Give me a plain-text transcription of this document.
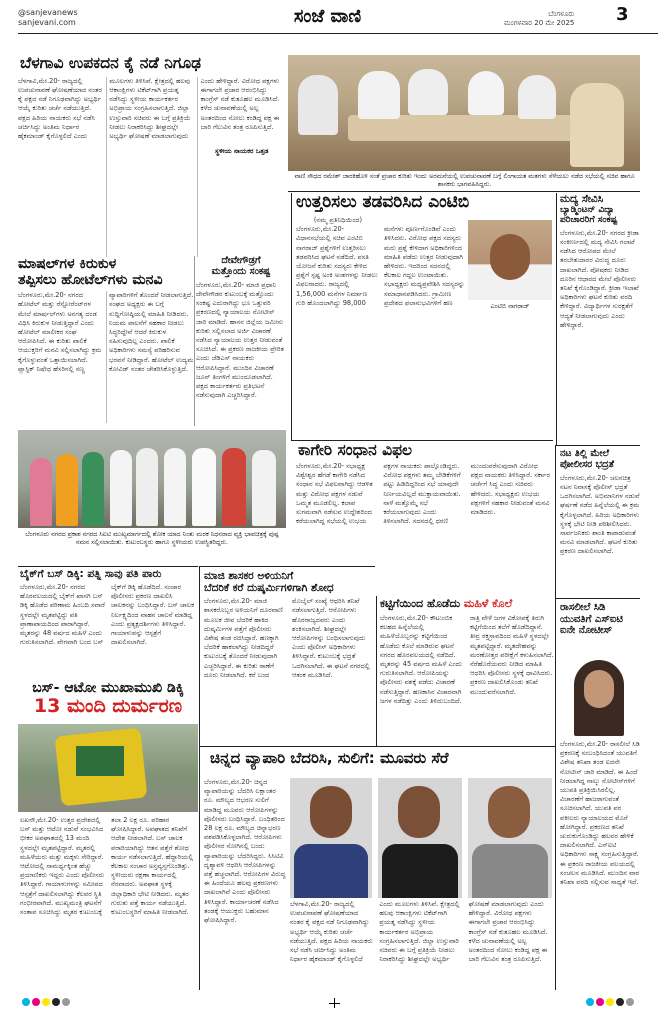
@sanjevanews
sanjevani.com	ಸಂಜೆ ವಾಣಿ	ಬೆಂಗಳೂರು
ಮಂಗಳವಾರ 20 ಮೇ 2025 3
ಬೆಳಗಾವಿ ಉಪಕದನ ಕೈ ನಡೆ ನಿಗೂಢ
ಬೆಳಗಾವಿ,ಮೇ.20- ರಾಜ್ಯದಲ್ಲಿ ಉಪಚುನಾವಣೆ ಘೋಷಣೆಯಾದ ನಂತರ ಕೈ ಪಕ್ಷದ ನಡೆ ನಿಗೂಢವಾಗಿದ್ದು ಅಭ್ಯರ್ಥಿ ಆಯ್ಕೆ ಕುರಿತು ಚರ್ಚೆ ನಡೆಯುತ್ತಿದೆ. ಪಕ್ಷದ ಹಿರಿಯ ನಾಯಕರು ಸಭೆ ನಡೆಸಿ ಚರ್ಚಿಸಿದ್ದು ಅಂತಿಮ ನಿರ್ಧಾರ ಹೈಕಮಾಂಡ್ ಕೈಗೊಳ್ಳಲಿದೆ ಎಂದು ಮೂಲಗಳು ತಿಳಿಸಿವೆ. ಕ್ಷೇತ್ರದಲ್ಲಿ ಹಲವು ಆಕಾಂಕ್ಷಿಗಳು ಟಿಕೆಟ್‌ಗಾಗಿ ಪ್ರಯತ್ನ ನಡೆಸಿದ್ದು ಸ್ಥಳೀಯ ಕಾರ್ಯಕರ್ತರ ಅಭಿಪ್ರಾಯ ಸಂಗ್ರಹಿಸಲಾಗುತ್ತಿದೆ. ಜಿಲ್ಲಾ ಉಸ್ತುವಾರಿ ಸಚಿವರು ಈ ಬಗ್ಗೆ ಪ್ರತಿಕ್ರಿಯೆ ನೀಡಲು ನಿರಾಕರಿಸಿದ್ದು ಶೀಘ್ರದಲ್ಲೇ ಅಭ್ಯರ್ಥಿ ಘೋಷಣೆ ಮಾಡಲಾಗುವುದು ಎಂದು ಹೇಳಿದ್ದಾರೆ. ವಿರೋಧ ಪಕ್ಷಗಳು ಈಗಾಗಲೇ ಪ್ರಚಾರ ಆರಂಭಿಸಿದ್ದು ಕಾಂಗ್ರೆಸ್ ನಡೆ ಕುತೂಹಲ ಮೂಡಿಸಿದೆ. ಕಳೆದ ಚುನಾವಣೆಯಲ್ಲಿ ಅಲ್ಪ ಅಂತರದಿಂದ ಸೋಲು ಕಂಡಿದ್ದ ಪಕ್ಷ ಈ ಬಾರಿ ಗೆಲುವಿನ ತಂತ್ರ ರೂಪಿಸುತ್ತಿದೆ.
ಸ್ಥಳೀಯ ನಾಯಕರ ಒತ್ತಡ
ವಾಣಿ ಸೌಧದ ರಮೇಶ್ ಜಾರಕಿಹೊಳಿ ಸಂತೆ ಪ್ರಚಾರ ಕುರಿತು ಇಂದು ಅರಮನೆಯಲ್ಲಿ ಉಪಚುನಾವಣೆ ಬಗ್ಗೆ ಲಿಂಗಾಯತ ಮತಗಳು ಸೆಳೆಯಲು ನಡೆದ ಸಭೆಯಲ್ಲಿ ಸಚಿವ ಹಾಗೂ ಶಾಸಕರು ಭಾಗವಹಿಸಿದ್ದರು.
ಉತ್ತರಿಸಲು ತಡವರಿಸಿದ ಎಂಟಿಬಿ
(ನಮ್ಮ ಪ್ರತಿನಿಧಿಯಿಂದ)
ಬೆಂಗಳೂರು,ಮೇ.20- ವಿಧಾನಸಭೆಯಲ್ಲಿ ಸಚಿವ ಎಂಟಿಬಿ ನಾಗರಾಜ್ ಪ್ರಶ್ನೆಗಳಿಗೆ ಉತ್ತರಿಸಲು ತಡವರಿಸಿದ ಘಟನೆ ನಡೆದಿದೆ. ವಸತಿ ಯೋಜನೆ ಕುರಿತು ಸದಸ್ಯರು ಕೇಳಿದ ಪ್ರಶ್ನೆಗೆ ಸ್ಪಷ್ಟ ಅಂಕಿ ಅಂಶಗಳನ್ನು ನೀಡಲು ವಿಫಲರಾದರು. ರಾಜ್ಯದಲ್ಲಿ 1,56,000 ಮನೆಗಳ ನಿರ್ಮಾಣ ಗುರಿ ಹೊಂದಲಾಗಿದ್ದು 98,000 ಮನೆಗಳು ಪೂರ್ಣಗೊಂಡಿವೆ ಎಂದು ತಿಳಿಸಿದರು. ವಿರೋಧ ಪಕ್ಷದ ಸದಸ್ಯರು ಮರು ಪ್ರಶ್ನೆ ಕೇಳಿದಾಗ ಅಧಿಕಾರಿಗಳಿಂದ ಮಾಹಿತಿ ಪಡೆದು ಉತ್ತರ ನೀಡುವುದಾಗಿ ಹೇಳಿದರು. ಇದರಿಂದ ಸದನದಲ್ಲಿ ಕೆಲಕಾಲ ಗದ್ದಲ ಉಂಟಾಯಿತು. ಸಭಾಧ್ಯಕ್ಷರು ಮಧ್ಯಪ್ರವೇಶಿಸಿ ಸದಸ್ಯರನ್ನು ಸಮಾಧಾನಪಡಿಸಿದರು. ಗ್ರಾಮೀಣ ಪ್ರದೇಶದ ಫಲಾನುಭವಿಗಳಿಗೆ ಹಣ	ಎಂಟಿಬಿ ನಾಗರಾಜ್
ಮದ್ಯ ಸೇವಿಸಿ
ಬ್ಯಾಡ್ಮಿಂಟನ್ ವಿದ್ಯಾ
ಪರಿಚಾರರಿಗೆ ಸಂಕಷ್ಟ
ಬೆಂಗಳೂರು,ಮೇ.20- ನಗರದ ಕ್ರೀಡಾ ಸಂಕೀರ್ಣದಲ್ಲಿ ಮದ್ಯ ಸೇವಿಸಿ ಗಲಾಟೆ ನಡೆಸಿದ ಆರೋಪದ ಮೇಲೆ ತರಬೇತುದಾರರ ವಿರುದ್ಧ ದೂರು ದಾಖಲಾಗಿದೆ. ಪೋಷಕರು ನೀಡಿದ ದೂರಿನ ಆಧಾರದ ಮೇಲೆ ಪೊಲೀಸರು ತನಿಖೆ ಕೈಗೊಂಡಿದ್ದಾರೆ. ಕ್ರೀಡಾ ಇಲಾಖೆ ಅಧಿಕಾರಿಗಳು ಘಟನೆ ಕುರಿತು ವರದಿ ಕೇಳಿದ್ದಾರೆ. ವಿದ್ಯಾರ್ಥಿಗಳ ಸುರಕ್ಷತೆಗೆ ಆದ್ಯತೆ ನೀಡಲಾಗುವುದು ಎಂದು ಹೇಳಿದ್ದಾರೆ.
ಮಾಷಲ್‌ಗಳ ಕಿರುಕುಳ
ತಪ್ಪಿಸಲು ಹೋಟೆಲ್‌ಗಳು ಮನವಿ
ಬೆಂಗಳೂರು,ಮೇ.20- ನಗರದ ಹೋಟೆಲ್ ಮತ್ತು ರೆಸ್ಟೋರೆಂಟ್‌ಗಳ ಮೇಲೆ ಮಾರ್ಷಲ್‌ಗಳು ಅನಗತ್ಯ ದಂಡ ವಿಧಿಸಿ ಕಿರುಕುಳ ನೀಡುತ್ತಿದ್ದಾರೆ ಎಂದು ಹೋಟೆಲ್ ಮಾಲೀಕರ ಸಂಘ ಆರೋಪಿಸಿದೆ. ಈ ಕುರಿತು ಪಾಲಿಕೆ ಆಯುಕ್ತರಿಗೆ ಮನವಿ ಸಲ್ಲಿಸಲಾಗಿದ್ದು ಕ್ರಮ ಕೈಗೊಳ್ಳುವಂತೆ ಒತ್ತಾಯಿಸಲಾಗಿದೆ. ಪ್ಲಾಸ್ಟಿಕ್ ನಿಷೇಧ ಹೆಸರಿನಲ್ಲಿ ಸಣ್ಣ ವ್ಯಾಪಾರಿಗಳಿಗೆ ತೊಂದರೆ ನೀಡಲಾಗುತ್ತಿದೆ. ಸಂಘದ ಅಧ್ಯಕ್ಷರು ಈ ಬಗ್ಗೆ ಸುದ್ದಿಗೋಷ್ಠಿಯಲ್ಲಿ ಮಾಹಿತಿ ನೀಡಿದರು. ನಿಯಮ ಪಾಲನೆಗೆ ಸಹಕಾರ ನೀಡಲು ಸಿದ್ಧರಿದ್ದೇವೆ ಆದರೆ ಕಿರುಕುಳ ಸಹಿಸುವುದಿಲ್ಲ ಎಂದರು. ಪಾಲಿಕೆ ಅಧಿಕಾರಿಗಳು ಸಮಸ್ಯೆ ಪರಿಹರಿಸುವ ಭರವಸೆ ನೀಡಿದ್ದಾರೆ. ಹೋಟೆಲ್ ಉದ್ಯಮ ಕೋವಿಡ್ ನಂತರ ಚೇತರಿಸಿಕೊಳ್ಳುತ್ತಿದೆ.
ದೇವೇಗೌಡ್ರಗೆ
ಮತ್ತೊಂದು ಸಂಕಷ್ಟ
ಬೆಂಗಳೂರು,ಮೇ.20- ಮಾಜಿ ಪ್ರಧಾನಿ ದೇವೇಗೌಡರ ಕುಟುಂಬಕ್ಕೆ ಮತ್ತೊಂದು ಸಂಕಷ್ಟ ಎದುರಾಗಿದ್ದು ಭೂ ಒತ್ತುವರಿ ಪ್ರಕರಣದಲ್ಲಿ ನ್ಯಾಯಾಲಯ ನೋಟೀಸ್ ಜಾರಿ ಮಾಡಿದೆ. ಹಾಸನ ಜಿಲ್ಲೆಯ ಜಮೀನು ಕುರಿತು ಸಲ್ಲಿಸಲಾದ ಅರ್ಜಿ ವಿಚಾರಣೆ ನಡೆಸಿದ ನ್ಯಾಯಾಲಯ ಉತ್ತರ ನೀಡುವಂತೆ ಸೂಚಿಸಿದೆ. ಈ ಪ್ರಕರಣ ರಾಜಕೀಯ ಪ್ರೇರಿತ ಎಂದು ಜೆಡಿಎಸ್ ನಾಯಕರು ಆರೋಪಿಸಿದ್ದಾರೆ. ಮುಂದಿನ ವಿಚಾರಣೆ ಜೂನ್ ತಿಂಗಳಿಗೆ ಮುಂದೂಡಲಾಗಿದೆ. ಪಕ್ಷದ ಕಾರ್ಯಕರ್ತರು ಪ್ರತಿಭಟನೆ ನಡೆಸುವುದಾಗಿ ಎಚ್ಚರಿಸಿದ್ದಾರೆ.
ಬೆಂಗಳೂರು ನಗರದ ಪ್ರಕಾಶ ನಗರದ ಸಿಐಟಿ ಮುಖ್ಯಮಾರ್ಗದಲ್ಲಿ ಶೋಕ ಯಾದ ನಿಂತು ಮರಕ ನಿಧನರಾದ ವ್ಯಕ್ತಿ ಭಾವಚಿತ್ರಕ್ಕೆ ಪುಷ್ಪ ನಮನ ಸಲ್ಲಿಸಲಾಯಿತು. ಕುಟುಂಬಸ್ಥರು ಹಾಗೂ ಸ್ಥಳೀಯರು ಉಪಸ್ಥಿತರಿದ್ದರು.
ಕಾಗೇರಿ ಸಂಧಾನ ವಿಫಲ
ಬೆಂಗಳೂರು,ಮೇ.20- ಸಭಾಧ್ಯಕ್ಷ ವಿಶ್ವೇಶ್ವರ ಹೆಗಡೆ ಕಾಗೇರಿ ನಡೆಸಿದ ಸಂಧಾನ ಸಭೆ ವಿಫಲವಾಗಿದ್ದು ಆಡಳಿತ ಮತ್ತು ವಿರೋಧ ಪಕ್ಷಗಳ ನಡುವೆ ಒಮ್ಮತ ಮೂಡಲಿಲ್ಲ. ಕಲಾಪ ಸುಗಮವಾಗಿ ನಡೆಸುವ ಉದ್ದೇಶದಿಂದ ಕರೆಯಲಾಗಿದ್ದ ಸಭೆಯಲ್ಲಿ ಉಭಯ ಪಕ್ಷಗಳ ನಾಯಕರು ಪಾಲ್ಗೊಂಡಿದ್ದರು. ವಿರೋಧ ಪಕ್ಷಗಳು ತಮ್ಮ ಬೇಡಿಕೆಗಳಿಗೆ ಪಟ್ಟು ಹಿಡಿದಿದ್ದರಿಂದ ಸಭೆ ಯಾವುದೇ ನಿರ್ಣಯವಿಲ್ಲದೆ ಮುಕ್ತಾಯವಾಯಿತು. ನಾಳೆ ಮತ್ತೊಮ್ಮೆ ಸಭೆ ಕರೆಯಲಾಗುವುದು ಎಂದು ತಿಳಿಸಲಾಗಿದೆ. ಸದನದಲ್ಲಿ ಧರಣಿ ಮುಂದುವರೆಸುವುದಾಗಿ ವಿರೋಧ ಪಕ್ಷದ ನಾಯಕರು ತಿಳಿಸಿದ್ದಾರೆ. ಸರ್ಕಾರ ಚರ್ಚೆಗೆ ಸಿದ್ಧ ಎಂದು ಸಚಿವರು ಹೇಳಿದರು. ಸಭಾಧ್ಯಕ್ಷರು ಉಭಯ ಪಕ್ಷಗಳಿಗೆ ಸಹಕಾರ ನೀಡುವಂತೆ ಮನವಿ ಮಾಡಿದರು.
ನಟ ತಿಲ್ಲಿ ಮೇಲೆ
ಪೋಲೀಸರ ಭದ್ರತೆ
ಬೆಂಗಳೂರು,ಮೇ.20- ಚಲನಚಿತ್ರ ನಟನ ನಿವಾಸಕ್ಕೆ ಪೊಲೀಸ್ ಭದ್ರತೆ ಒದಗಿಸಲಾಗಿದೆ. ಅಭಿಮಾನಿಗಳ ನಡುವೆ ಘರ್ಷಣೆ ನಡೆದ ಹಿನ್ನೆಲೆಯಲ್ಲಿ ಈ ಕ್ರಮ ಕೈಗೊಳ್ಳಲಾಗಿದೆ. ಹಿರಿಯ ಅಧಿಕಾರಿಗಳು ಸ್ಥಳಕ್ಕೆ ಭೇಟಿ ನೀಡಿ ಪರಿಶೀಲಿಸಿದರು. ಸಾರ್ವಜನಿಕರು ಶಾಂತಿ ಕಾಪಾಡುವಂತೆ ಮನವಿ ಮಾಡಲಾಗಿದೆ. ಘಟನೆ ಕುರಿತು ಪ್ರಕರಣ ದಾಖಲಿಸಲಾಗಿದೆ.
ಬೈಕ್‌ಗೆ ಬಸ್ ಡಿಕ್ಕಿ: ಪತ್ನಿ ಸಾವು ಪತಿ ಪಾರು
ಬೆಂಗಳೂರು,ಮೇ.20- ನಗರದ ಹೊರವಲಯದಲ್ಲಿ ಬೈಕ್‌ಗೆ ಖಾಸಗಿ ಬಸ್ ಡಿಕ್ಕಿ ಹೊಡೆದ ಪರಿಣಾಮ ಹಿಂಬದಿ ಸವಾರೆ ಸ್ಥಳದಲ್ಲೇ ಮೃತಪಟ್ಟಿದ್ದು ಪತಿ ಪ್ರಾಣಾಪಾಯದಿಂದ ಪಾರಾಗಿದ್ದಾರೆ. ಮೃತರನ್ನು 48 ವರ್ಷದ ಮಹಿಳೆ ಎಂದು ಗುರುತಿಸಲಾಗಿದೆ. ವೇಗವಾಗಿ ಬಂದ ಬಸ್ ಬೈಕ್‌ಗೆ ಡಿಕ್ಕಿ ಹೊಡೆದಿದೆ. ಸಂಚಾರ ಪೊಲೀಸರು ಪ್ರಕರಣ ದಾಖಲಿಸಿ ಚಾಲಕನನ್ನು ಬಂಧಿಸಿದ್ದಾರೆ. ಬಸ್ ಚಾಲಕ ನಿರ್ಲಕ್ಷ್ಯದಿಂದ ವಾಹನ ಚಾಲನೆ ಮಾಡಿದ್ದ ಎಂದು ಪ್ರತ್ಯಕ್ಷದರ್ಶಿಗಳು ತಿಳಿಸಿದ್ದಾರೆ. ಗಾಯಾಳುವನ್ನು ಆಸ್ಪತ್ರೆಗೆ ದಾಖಲಿಸಲಾಗಿದೆ.
ಬಸ್- ಆಟೋ ಮುಖಾಮುಖಿ ಡಿಕ್ಕಿ
13 ಮಂದಿ ದುರ್ಮರಣ
ಲಖನೌ,ಮೇ.20- ಉತ್ತರ ಪ್ರದೇಶದಲ್ಲಿ ಬಸ್ ಮತ್ತು ಆಟೋ ನಡುವೆ ಸಂಭವಿಸಿದ ಭೀಕರ ಅಪಘಾತದಲ್ಲಿ 13 ಮಂದಿ ಸ್ಥಳದಲ್ಲೇ ಮೃತಪಟ್ಟಿದ್ದಾರೆ. ಮೃತರಲ್ಲಿ ಮಹಿಳೆಯರು ಮತ್ತು ಮಕ್ಕಳು ಸೇರಿದ್ದಾರೆ. ಆಟೋದಲ್ಲಿ ಸಾಮರ್ಥ್ಯಕ್ಕಿಂತ ಹೆಚ್ಚು ಪ್ರಯಾಣಿಕರು ಇದ್ದರು ಎಂದು ಪೊಲೀಸರು ತಿಳಿಸಿದ್ದಾರೆ. ಗಾಯಾಳುಗಳನ್ನು ಸಮೀಪದ ಆಸ್ಪತ್ರೆಗೆ ದಾಖಲಿಸಲಾಗಿದ್ದು ಕೆಲವರ ಸ್ಥಿತಿ ಗಂಭೀರವಾಗಿದೆ. ಮುಖ್ಯಮಂತ್ರಿ ಘಟನೆಗೆ ಸಂತಾಪ ಸೂಚಿಸಿದ್ದು ಮೃತರ ಕುಟುಂಬಕ್ಕೆ ತಲಾ 2 ಲಕ್ಷ ರೂ. ಪರಿಹಾರ ಘೋಷಿಸಿದ್ದಾರೆ. ಅಪಘಾತದ ತನಿಖೆಗೆ ಆದೇಶ ನೀಡಲಾಗಿದೆ. ಬಸ್ ಚಾಲಕ ಪರಾರಿಯಾಗಿದ್ದು ಆತನ ಪತ್ತೆಗೆ ಶೋಧ ಕಾರ್ಯ ನಡೆಸಲಾಗುತ್ತಿದೆ. ಹೆದ್ದಾರಿಯಲ್ಲಿ ಕೆಲಕಾಲ ಸಂಚಾರ ಅಸ್ತವ್ಯಸ್ತಗೊಂಡಿತ್ತು. ಸ್ಥಳೀಯರು ರಕ್ಷಣಾ ಕಾರ್ಯದಲ್ಲಿ ನೆರವಾದರು. ಅಪಘಾತ ಸ್ಥಳಕ್ಕೆ ಜಿಲ್ಲಾಧಿಕಾರಿ ಭೇಟಿ ನೀಡಿದರು. ಮೃತರ ಗುರುತು ಪತ್ತೆ ಕಾರ್ಯ ನಡೆಯುತ್ತಿದೆ. ಕುಟುಂಬಸ್ಥರಿಗೆ ಮಾಹಿತಿ ನೀಡಲಾಗಿದೆ.
ಮಾಜಿ ಶಾಸಕರ ಅಳಿಯನಿಗೆ
ಬೆದರಿಕೆ ಕರೆ ದುಷ್ಕರ್ಮಿಗಳಿಗಾಗಿ ಶೋಧ
ಬೆಂಗಳೂರು,ಮೇ.20- ಮಾಜಿ ಶಾಸಕರೊಬ್ಬರ ಅಳಿಯನಿಗೆ ದೂರವಾಣಿ ಮೂಲಕ ಜೀವ ಬೆದರಿಕೆ ಹಾಕಿದ ದುಷ್ಕರ್ಮಿಗಳ ಪತ್ತೆಗೆ ಪೊಲೀಸರು ವಿಶೇಷ ತಂಡ ರಚಿಸಿದ್ದಾರೆ. ಹಣಕ್ಕಾಗಿ ಬೆದರಿಕೆ ಹಾಕಲಾಗಿದ್ದು ನೀಡದಿದ್ದರೆ ಕುಟುಂಬಕ್ಕೆ ತೊಂದರೆ ನೀಡುವುದಾಗಿ ಎಚ್ಚರಿಸಿದ್ದಾರೆ. ಈ ಕುರಿತು ಠಾಣೆಗೆ ದೂರು ನೀಡಲಾಗಿದೆ. ಕರೆ ಬಂದ ಮೊಬೈಲ್ ಸಂಖ್ಯೆ ಆಧರಿಸಿ ತನಿಖೆ ನಡೆಸಲಾಗುತ್ತಿದೆ. ಆರೋಪಿಗಳು ಹೊರರಾಜ್ಯದವರು ಎಂದು ಶಂಕಿಸಲಾಗಿದೆ. ಶೀಘ್ರದಲ್ಲೇ ಆರೋಪಿಗಳನ್ನು ಬಂಧಿಸಲಾಗುವುದು ಎಂದು ಪೊಲೀಸ್ ಅಧಿಕಾರಿಗಳು ತಿಳಿಸಿದ್ದಾರೆ. ಕುಟುಂಬಕ್ಕೆ ಭದ್ರತೆ ಒದಗಿಸಲಾಗಿದೆ. ಈ ಘಟನೆ ನಗರದಲ್ಲಿ ಆತಂಕ ಮೂಡಿಸಿದೆ.
ಕಟ್ಟಿಗೆಯಿಂದ ಹೊಡೆದು ಮಹಿಳೆ ಕೊಲೆ
ಬೆಂಗಳೂರು,ಮೇ.20- ಕೌಟುಂಬಿಕ ಕಲಹದ ಹಿನ್ನೆಲೆಯಲ್ಲಿ ಮಹಿಳೆಯೊಬ್ಬರನ್ನು ಕಟ್ಟಿಗೆಯಿಂದ ಹೊಡೆದು ಕೊಲೆ ಮಾಡಿರುವ ಘಟನೆ ನಗರದ ಹೊರವಲಯದಲ್ಲಿ ನಡೆದಿದೆ. ಮೃತರನ್ನು 45 ವರ್ಷದ ಮಹಿಳೆ ಎಂದು ಗುರುತಿಸಲಾಗಿದೆ. ಆರೋಪಿಯನ್ನು ಪೊಲೀಸರು ವಶಕ್ಕೆ ಪಡೆದು ವಿಚಾರಣೆ ನಡೆಸುತ್ತಿದ್ದಾರೆ. ಹಣಕಾಸಿನ ವಿಚಾರವಾಗಿ ಜಗಳ ನಡೆದಿತ್ತು ಎಂದು ತಿಳಿದುಬಂದಿದೆ. ರಾತ್ರಿ ವೇಳೆ ಜಗಳ ವಿಕೋಪಕ್ಕೆ ತಿರುಗಿ ಕಟ್ಟಿಗೆಯಿಂದ ತಲೆಗೆ ಹೊಡೆದಿದ್ದಾನೆ. ತೀವ್ರ ರಕ್ತಸ್ರಾವದಿಂದ ಮಹಿಳೆ ಸ್ಥಳದಲ್ಲೇ ಮೃತಪಟ್ಟಿದ್ದಾರೆ. ಮೃತದೇಹವನ್ನು ಮರಣೋತ್ತರ ಪರೀಕ್ಷೆಗೆ ಕಳುಹಿಸಲಾಗಿದೆ. ನೆರೆಹೊರೆಯವರು ನೀಡಿದ ಮಾಹಿತಿ ಆಧರಿಸಿ ಪೊಲೀಸರು ಸ್ಥಳಕ್ಕೆ ಧಾವಿಸಿದರು. ಪ್ರಕರಣ ದಾಖಲಿಸಿಕೊಂಡು ತನಿಖೆ ಮುಂದುವರೆಸಲಾಗಿದೆ.
ರಾಸಲೀಲೆ ಸಿಡಿ
ಯುವತಿಗೆ ಎಸ್‌ಐಟಿ
ಐನೇ ನೋಟೀಸ್
ಬೆಂಗಳೂರು,ಮೇ.20- ರಾಸಲೀಲೆ ಸಿಡಿ ಪ್ರಕರಣಕ್ಕೆ ಸಂಬಂಧಿಸಿದಂತೆ ಯುವತಿಗೆ ವಿಶೇಷ ತನಿಖಾ ತಂಡ ಐದನೇ ನೋಟೀಸ್ ಜಾರಿ ಮಾಡಿದೆ. ಈ ಹಿಂದೆ ನೀಡಲಾಗಿದ್ದ ನಾಲ್ಕು ನೋಟೀಸ್‌ಗಳಿಗೆ ಯುವತಿ ಪ್ರತಿಕ್ರಿಯಿಸಿರಲಿಲ್ಲ. ವಿಚಾರಣೆಗೆ ಹಾಜರಾಗುವಂತೆ ಸೂಚಿಸಲಾಗಿದೆ. ಯುವತಿ ಪರ ವಕೀಲರು ನ್ಯಾಯಾಲಯದ ಮೊರೆ ಹೋಗಿದ್ದಾರೆ. ಪ್ರಕರಣದ ತನಿಖೆ ಚುರುಕುಗೊಂಡಿದ್ದು ಹಲವರ ಹೇಳಿಕೆ ದಾಖಲಿಸಲಾಗಿದೆ. ಎಸ್‌ಐಟಿ ಅಧಿಕಾರಿಗಳು ಸಾಕ್ಷ್ಯ ಸಂಗ್ರಹಿಸುತ್ತಿದ್ದಾರೆ. ಈ ಪ್ರಕರಣ ರಾಜಕೀಯ ವಲಯದಲ್ಲಿ ಸಂಚಲನ ಮೂಡಿಸಿದೆ. ಮುಂದಿನ ವಾರ ತನಿಖಾ ವರದಿ ಸಲ್ಲಿಸುವ ಸಾಧ್ಯತೆ ಇದೆ.
ಚಿನ್ನದ ವ್ಯಾಪಾರಿ ಬೆದರಿಸಿ, ಸುಲಿಗೆ: ಮೂವರು ಸೆರೆ
ಬೆಂಗಳೂರು,ಮೇ.20- ಚಿನ್ನದ ವ್ಯಾಪಾರಿಯನ್ನು ಬೆದರಿಸಿ ಲಕ್ಷಾಂತರ ರೂ. ಮೌಲ್ಯದ ಆಭರಣ ಸುಲಿಗೆ ಮಾಡಿದ್ದ ಮೂವರು ಆರೋಪಿಗಳನ್ನು ಪೊಲೀಸರು ಬಂಧಿಸಿದ್ದಾರೆ. ಬಂಧಿತರಿಂದ 28 ಲಕ್ಷ ರೂ. ಮೌಲ್ಯದ ಚಿನ್ನಾಭರಣ ವಶಪಡಿಸಿಕೊಳ್ಳಲಾಗಿದೆ. ಆರೋಪಿಗಳು ಪೊಲೀಸರ ಸೋಗಿನಲ್ಲಿ ಬಂದು ವ್ಯಾಪಾರಿಯನ್ನು ಬೆದರಿಸಿದ್ದರು. ಸಿಸಿಟಿವಿ ದೃಶ್ಯಾವಳಿ ಆಧರಿಸಿ ಆರೋಪಿಗಳನ್ನು ಪತ್ತೆ ಹಚ್ಚಲಾಗಿದೆ. ಆರೋಪಿಗಳ ವಿರುದ್ಧ ಈ ಹಿಂದೆಯೂ ಹಲವು ಪ್ರಕರಣಗಳು ದಾಖಲಾಗಿವೆ ಎಂದು ಪೊಲೀಸರು ತಿಳಿಸಿದ್ದಾರೆ. ಕಾರ್ಯಾಚರಣೆ ನಡೆಸಿದ ತಂಡಕ್ಕೆ ಆಯುಕ್ತರು ಬಹುಮಾನ ಘೋಷಿಸಿದ್ದಾರೆ.
ಬೆಳಗಾವಿ,ಮೇ.20- ರಾಜ್ಯದಲ್ಲಿ ಉಪಚುನಾವಣೆ ಘೋಷಣೆಯಾದ ನಂತರ ಕೈ ಪಕ್ಷದ ನಡೆ ನಿಗೂಢವಾಗಿದ್ದು ಅಭ್ಯರ್ಥಿ ಆಯ್ಕೆ ಕುರಿತು ಚರ್ಚೆ ನಡೆಯುತ್ತಿದೆ. ಪಕ್ಷದ ಹಿರಿಯ ನಾಯಕರು ಸಭೆ ನಡೆಸಿ ಚರ್ಚಿಸಿದ್ದು ಅಂತಿಮ ನಿರ್ಧಾರ ಹೈಕಮಾಂಡ್ ಕೈಗೊಳ್ಳಲಿದೆ ಎಂದು ಮೂಲಗಳು ತಿಳಿಸಿವೆ. ಕ್ಷೇತ್ರದಲ್ಲಿ ಹಲವು ಆಕಾಂಕ್ಷಿಗಳು ಟಿಕೆಟ್‌ಗಾಗಿ ಪ್ರಯತ್ನ ನಡೆಸಿದ್ದು ಸ್ಥಳೀಯ ಕಾರ್ಯಕರ್ತರ ಅಭಿಪ್ರಾಯ ಸಂಗ್ರಹಿಸಲಾಗುತ್ತಿದೆ. ಜಿಲ್ಲಾ ಉಸ್ತುವಾರಿ ಸಚಿವರು ಈ ಬಗ್ಗೆ ಪ್ರತಿಕ್ರಿಯೆ ನೀಡಲು ನಿರಾಕರಿಸಿದ್ದು ಶೀಘ್ರದಲ್ಲೇ ಅಭ್ಯರ್ಥಿ ಘೋಷಣೆ ಮಾಡಲಾಗುವುದು ಎಂದು ಹೇಳಿದ್ದಾರೆ. ವಿರೋಧ ಪಕ್ಷಗಳು ಈಗಾಗಲೇ ಪ್ರಚಾರ ಆರಂಭಿಸಿದ್ದು ಕಾಂಗ್ರೆಸ್ ನಡೆ ಕುತೂಹಲ ಮೂಡಿಸಿದೆ. ಕಳೆದ ಚುನಾವಣೆಯಲ್ಲಿ ಅಲ್ಪ ಅಂತರದಿಂದ ಸೋಲು ಕಂಡಿದ್ದ ಪಕ್ಷ ಈ ಬಾರಿ ಗೆಲುವಿನ ತಂತ್ರ ರೂಪಿಸುತ್ತಿದೆ.
